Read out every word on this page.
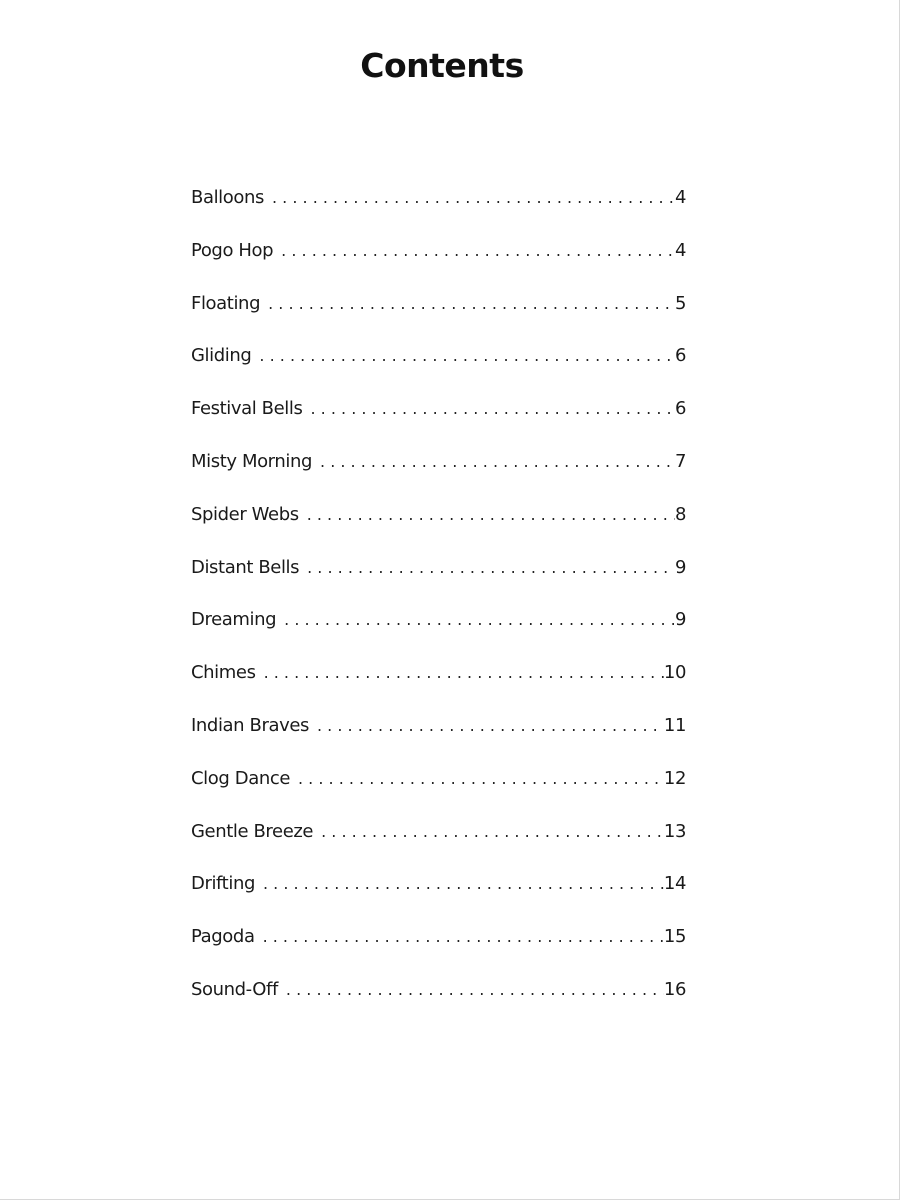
Contents
Balloons . . .	4
Pogo Hop . . .	4
Floating . . .	5
Gliding . . .	6
Festival Bells . . .	6
Misty Morning . . .	7
Spider Webs . . .	8
Distant Bells . . .	9
Dreaming . . .	9
Chimes . . .	10
Indian Braves . . .	11
Clog Dance . . .	12
Gentle Breeze . . .	13
Drifting . . .	14
Pagoda . . .	15
Sound-Off . . .	16
